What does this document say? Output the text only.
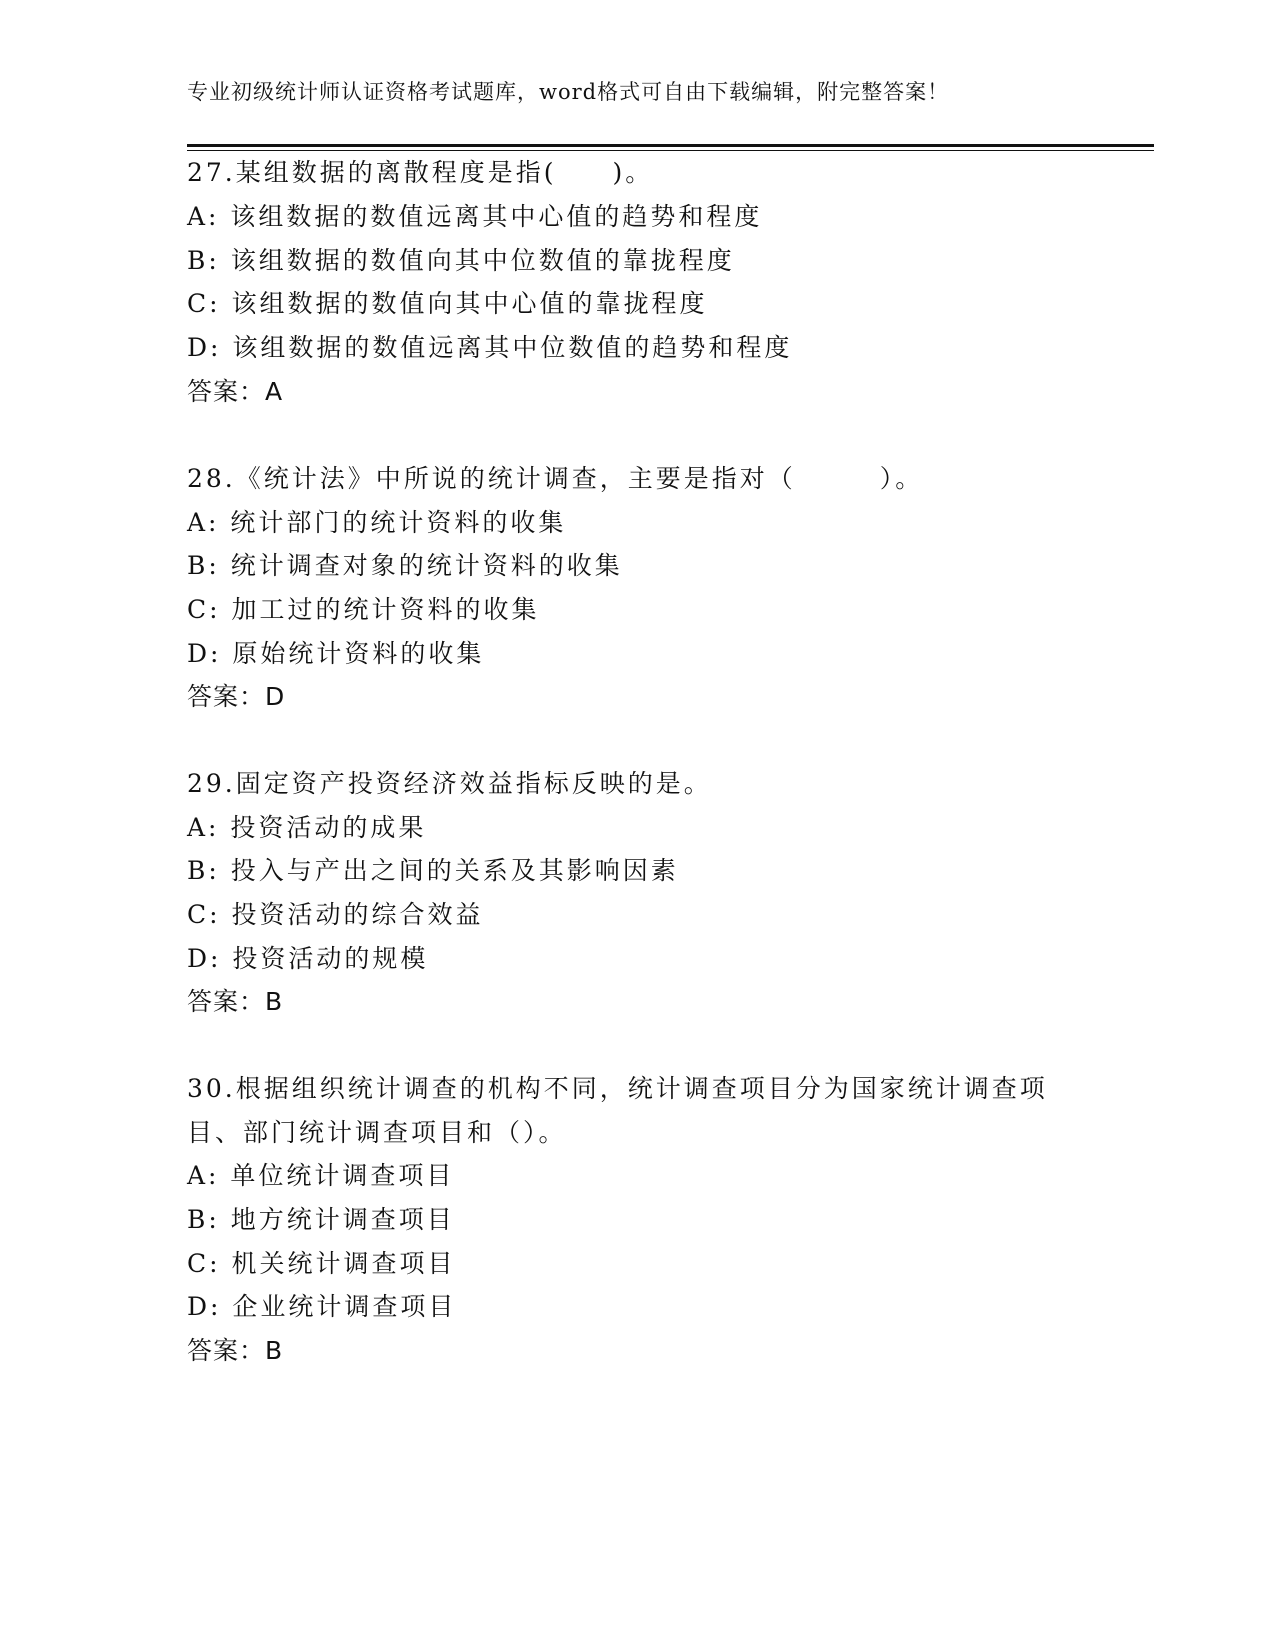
专业初级统计师认证资格考试题库，word格式可自由下载编辑，附完整答案！
27.某组数据的离散程度是指(　　)。
A: 该组数据的数值远离其中心值的趋势和程度
B: 该组数据的数值向其中位数值的靠拢程度
C: 该组数据的数值向其中心值的靠拢程度
D: 该组数据的数值远离其中位数值的趋势和程度
答案：A
28.《统计法》中所说的统计调查，主要是指对（　　　）。
A: 统计部门的统计资料的收集
B: 统计调查对象的统计资料的收集
C: 加工过的统计资料的收集
D: 原始统计资料的收集
答案：D
29.固定资产投资经济效益指标反映的是。
A: 投资活动的成果
B: 投入与产出之间的关系及其影响因素
C: 投资活动的综合效益
D: 投资活动的规模
答案：B
30.根据组织统计调查的机构不同，统计调查项目分为国家统计调查项
目、部门统计调查项目和（）。
A: 单位统计调查项目
B: 地方统计调查项目
C: 机关统计调查项目
D: 企业统计调查项目
答案：B
